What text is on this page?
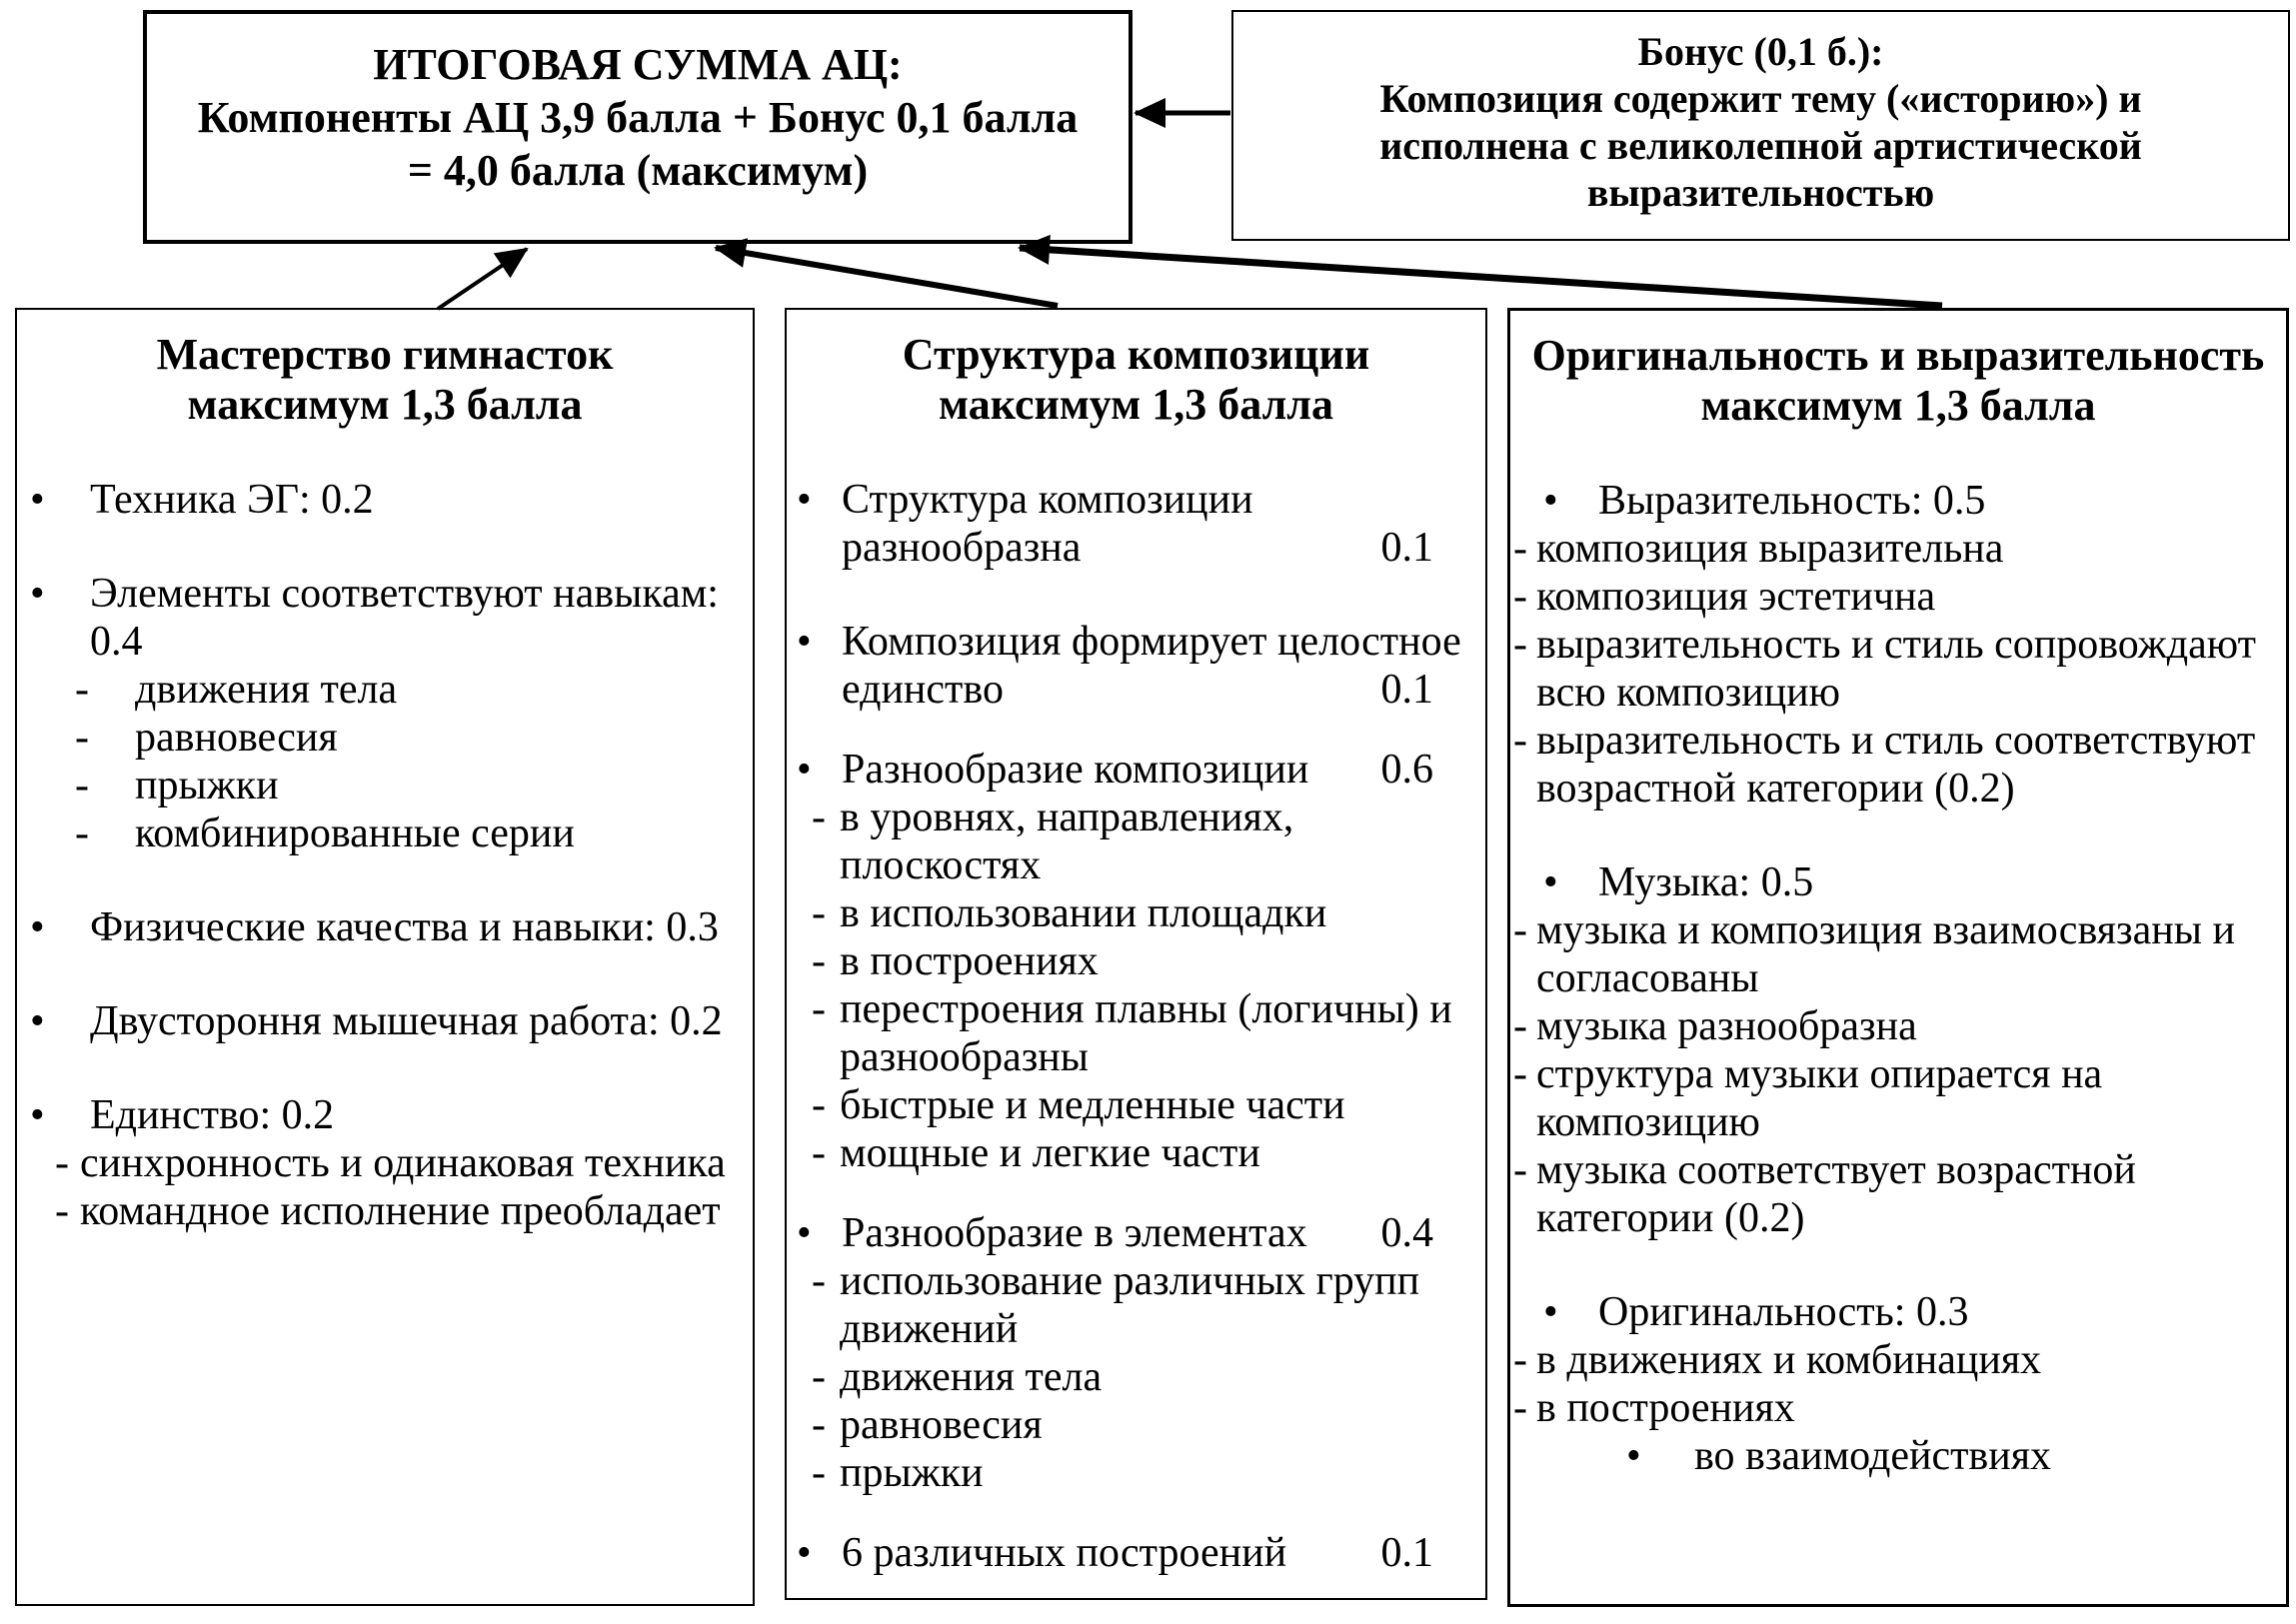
ИТОГОВАЯ СУММА АЦ:
Компоненты АЦ 3,9 балла + Бонус 0,1 балла
= 4,0 балла (максимум)
Бонус (0,1 б.):
Композиция содержит тему («историю») и
исполнена с великолепной артистической
выразительностью
Мастерство гимнасток
максимум 1,3 балла
• Техника ЭГ: 0.2
• Элементы соответствуют навыкам:
0.4
- движения тела
- равновесия
- прыжки
- комбинированные серии
• Физические качества и навыки: 0.3
• Двустороння мышечная работа: 0.2
• Единство: 0.2
- синхронность и одинаковая техника
- командное исполнение преобладает
Структура композиции
максимум 1,3 балла
• Структура композиции
разнообразна	0.1
• Композиция формирует целостное
единство	0.1
• Разнообразие композиции	0.6
- в уровнях, направлениях,
плоскостях
- в использовании площадки
- в построениях
- перестроения плавны (логичны) и
разнообразны
- быстрые и медленные части
- мощные и легкие части
• Разнообразие в элементах	0.4
- использование различных групп
движений
- движения тела
- равновесия
- прыжки
• 6 различных построений	0.1
Оригинальность и выразительность
максимум 1,3 балла
• Выразительность: 0.5
- композиция выразительна
- композиция эстетична
- выразительность и стиль сопровождают
всю композицию
- выразительность и стиль соответствуют
возрастной категории (0.2)
• Музыка: 0.5
- музыка и композиция взаимосвязаны и
согласованы
- музыка разнообразна
- структура музыки опирается на
композицию
- музыка соответствует возрастной
категории (0.2)
• Оригинальность: 0.3
- в движениях и комбинациях
- в построениях
• во взаимодействиях
